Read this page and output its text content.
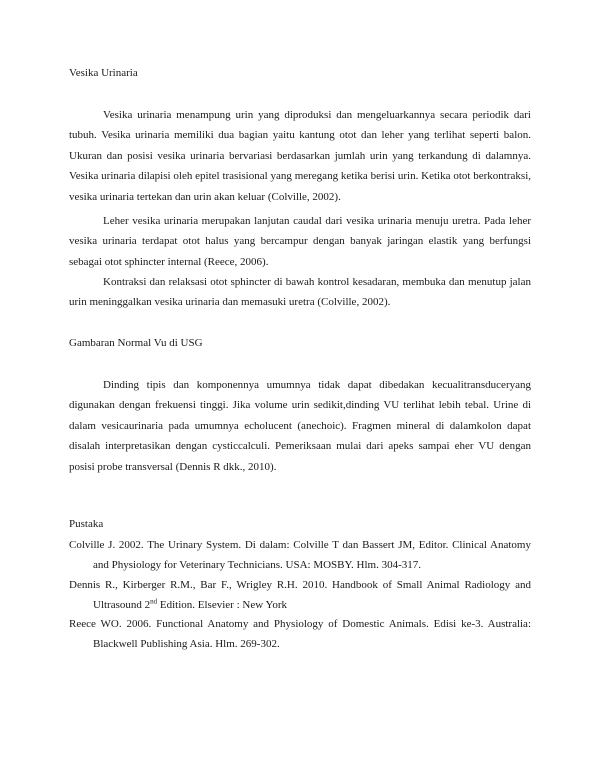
Vesika Urinaria

Vesika urinaria menampung urin yang diproduksi dan mengeluarkannya secara periodik dari tubuh. Vesika urinaria memiliki dua bagian yaitu kantung otot dan leher yang terlihat seperti balon. Ukuran dan posisi vesika urinaria bervariasi berdasarkan jumlah urin yang terkandung di dalamnya. Vesika urinaria dilapisi oleh epitel trasisional yang meregang ketika berisi urin. Ketika otot berkontraksi, vesika urinaria tertekan dan urin akan keluar (Colville, 2002).

Leher vesika urinaria merupakan lanjutan caudal dari vesika urinaria menuju uretra. Pada leher vesika urinaria terdapat otot halus yang bercampur dengan banyak jaringan elastik yang berfungsi sebagai otot sphincter internal (Reece, 2006).

Kontraksi dan relaksasi otot sphincter di bawah kontrol kesadaran, membuka dan menutup jalan urin meninggalkan vesika urinaria dan memasuki uretra (Colville, 2002).

Gambaran Normal Vu di USG

Dinding tipis dan komponennya umumnya tidak dapat dibedakan kecualitransduceryang digunakan dengan frekuensi tinggi. Jika volume urin sedikit,dinding VU terlihat lebih tebal. Urine di dalam vesicaurinaria pada umumnya echolucent (anechoic). Fragmen mineral di dalamkolon dapat disalah interpretasikan dengan cysticcalculi. Pemeriksaan mulai dari apeks sampai eher VU dengan posisi probe transversal (Dennis R dkk., 2010).

Pustaka

Colville J. 2002. The Urinary System. Di dalam: Colville T dan Bassert JM, Editor. Clinical Anatomy and Physiology for Veterinary Technicians. USA: MOSBY. Hlm. 304-317.

Dennis R., Kirberger R.M., Bar F., Wrigley R.H. 2010. Handbook of Small Animal Radiology and Ultrasound 2nd Edition. Elsevier : New York

Reece WO. 2006. Functional Anatomy and Physiology of Domestic Animals. Edisi ke-3. Australia: Blackwell Publishing Asia. Hlm. 269-302.
